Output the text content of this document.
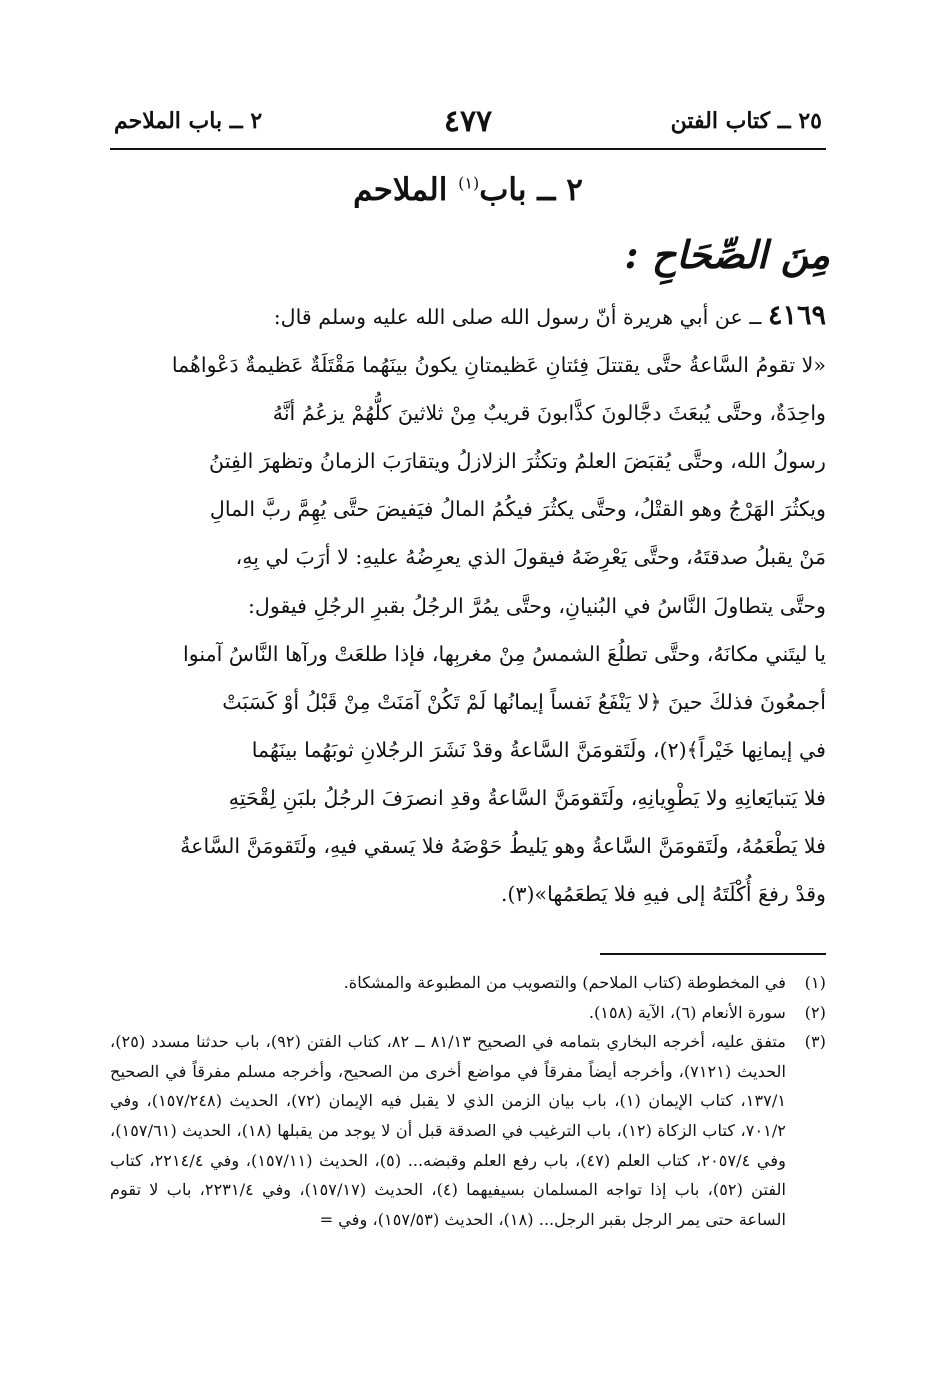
٢٥ ــ كتاب الفتن
٤٧٧
٢ ــ باب الملاحم
٢ ــ باب$^{(١)}$ الملاحم
مِنَ الصِّحَاحِ :

٤١٦٩ ــ عن أبي هريرة أنّ رسول الله صلى الله عليه وسلم قال:

«لا تقومُ السَّاعةُ حتَّى يقتتلَ فِئتانِ عَظيمتانِ يكونُ بينَهُما مَقْتَلَةٌ عَظيمةٌ دَعْواهُما

واحِدَةٌ، وحتَّى يُبعَثَ دجَّالونَ كذَّابونَ قريبٌ مِنْ ثلاثينَ كلُّهُمْ يزعُمُ أنَّهُ

رسولُ الله، وحتَّى يُقبَضَ العلمُ وتكثُرَ الزلازلُ ويتقارَبَ الزمانُ وتظهرَ الفِتنُ

ويكثُرَ الهَرْجُ وهو القتْلُ، وحتَّى يكثُرَ فيكُمُ المالُ فيَفيضَ حتَّى يُهِمَّ ربَّ المالِ

مَنْ يقبلُ صدقتَهُ، وحتَّى يَعْرِضَهُ فيقولَ الذي يعرِضُهُ عليهِ: لا أرَبَ لي بِهِ،

وحتَّى يتطاولَ النَّاسُ في البُنيانِ، وحتَّى يمُرَّ الرجُلُ بقبرِ الرجُلِ فيقول:

يا ليتَني مكانَهُ، وحتَّى تطلُعَ الشمسُ مِنْ مغربِها، فإذا طلعَتْ ورآها النَّاسُ آمنوا

أجمعُونَ فذلكَ حينَ ﴿لا يَنْفَعُ نَفساً إيمانُها لَمْ تَكُنْ آمَنَتْ مِنْ قَبْلُ أوْ كَسَبَتْ

في إيمانِها خَيْراً﴾(٢)، ولَتَقومَنَّ السَّاعةُ وقدْ نَشَرَ الرجُلانِ ثوبَهُما بينَهُما

فلا يَتبايَعانِهِ ولا يَطْوِيانِهِ، ولَتَقومَنَّ السَّاعةُ وقدِ انصرَفَ الرجُلُ بلبَنِ لِقْحَتِهِ

فلا يَطْعَمُهُ، ولَتَقومَنَّ السَّاعةُ وهو يَليطُ حَوْضَهُ فلا يَسقي فيهِ، ولَتَقومَنَّ السَّاعةُ

وقدْ رفعَ أُكْلَتَهُ إلى فيهِ فلا يَطعَمُها»(٣).

(١)
في المخطوطة (كتاب الملاحم) والتصويب من المطبوعة والمشكاة.
(٢)
سورة الأنعام (٦)، الآية (١٥٨).
(٣)
متفق عليه، أخرجه البخاري بتمامه في الصحيح ٨١/١٣ ــ ٨٢، كتاب الفتن (٩٢)، باب حدثنا مسدد (٢٥)، الحديث (٧١٢١)، وأخرجه أيضاً مفرقاً في مواضع أخرى من الصحيح، وأخرجه مسلم مفرقاً في الصحيح ١٣٧/١، كتاب الإيمان (١)، باب بيان الزمن الذي لا يقبل فيه الإيمان (٧٢)، الحديث (١٥٧/٢٤٨)، وفي ٧٠١/٢، كتاب الزكاة (١٢)، باب الترغيب في الصدقة قبل أن لا يوجد من يقبلها (١٨)، الحديث (١٥٧/٦١)، وفي ٢٠٥٧/٤، كتاب العلم (٤٧)، باب رفع العلم وقبضه... (٥)، الحديث (١٥٧/١١)، وفي ٢٢١٤/٤، كتاب الفتن (٥٢)، باب إذا تواجه المسلمان بسيفيهما (٤)، الحديث (١٥٧/١٧)، وفي ٢٢٣١/٤، باب لا تقوم الساعة حتى يمر الرجل بقبر الرجل... (١٨)، الحديث (١٥٧/٥٣)، وفي =
